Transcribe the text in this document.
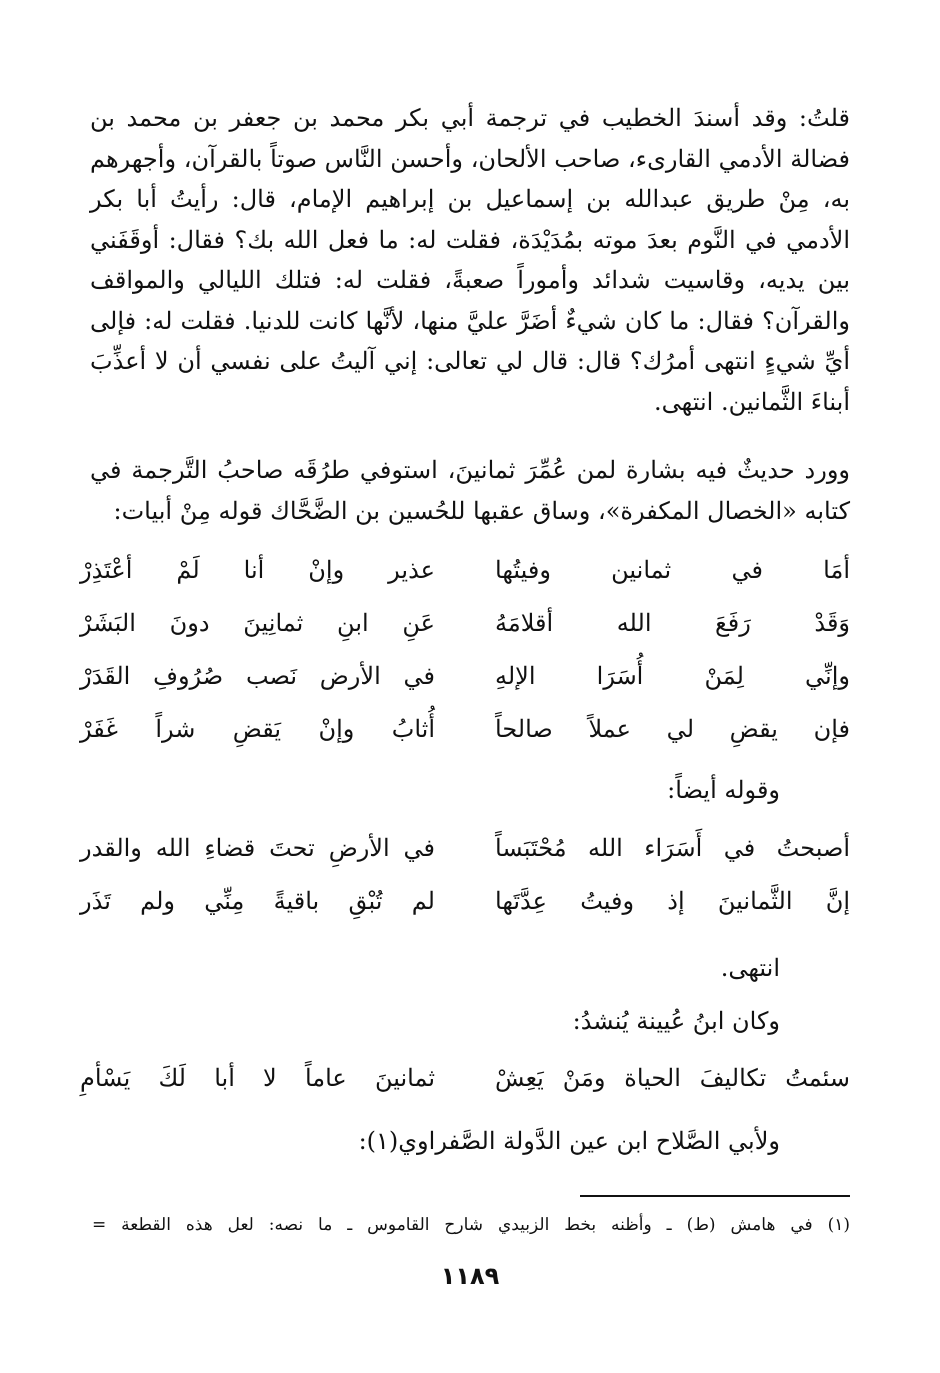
قلتُ: وقد أسندَ الخطيب في ترجمة أبي بكر محمد بن جعفر بن محمد بن فضالة الأدمي القارىء، صاحب الألحان، وأحسن النَّاس صوتاً بالقرآن، وأجهرهم به، مِنْ طريق عبدالله بن إسماعيل بن إبراهيم الإمام، قال: رأيتُ أبا بكر الأدمي في النَّوم بعدَ موته بمُدَيْدَة، فقلت له: ما فعل الله بك؟ فقال: أوقَفَني بين يديه، وقاسيت شدائد وأموراً صعبةً، فقلت له: فتلك الليالي والمواقف والقرآن؟ فقال: ما كان شيءٌ أضَرَّ عليَّ منها، لأنَّها كانت للدنيا. فقلت له: فإلى أيِّ شيءٍ انتهى أمرُك؟ قال: قال لي تعالى: إني آليتُ على نفسي أن لا أعذِّبَ أبناءَ الثَّمانين. انتهى.

وورد حديثٌ فيه بشارة لمن عُمِّرَ ثمانينَ، استوفي طرُقَه صاحبُ التَّرجمة في كتابه «الخصال المكفرة»، وساق عقبها للحُسين بن الضَّحَّاك قوله مِنْ أبيات:

أمَا في ثمانين وفيتُها
عذير وإنْ أنا لَمْ أعْتَذِرْ
وَقَدْ رَفَعَ الله أقلامَهُ
عَنِ ابنِ ثمانِينَ دونَ البَشَرْ
وإنِّي لِمَنْ أُسَرَا الإلهِ
في الأرض نَصب صُرُوفِ القَدَرْ
فإن يقضِ لي عملاً صالحاً
أُثابُ وإنْ يَقضِ شراً غَفَرْ
وقوله أيضاً:
أصبحتُ في أَسَرَاء الله مُحْتَبَساً
في الأرضِ تحتَ قضاءِ الله والقدر
إنَّ الثَّمانينَ إذ وفيتُ عِدَّتَها
لم تُبْقِ باقيةً مِنِّي ولم تَذَر
انتهى.
وكان ابنُ عُيينة يُنشدُ:
سئمتُ تكاليفَ الحياة ومَنْ يَعِشْ
ثمانينَ عاماً لا أبا لَكَ يَسْأمِ
ولأبي الصَّلاح ابن عين الدَّولة الصَّفراوي(١):
(١) في هامش (ط) ـ وأظنه بخط الزبيدي شارح القاموس ـ ما نصه: لعل هذه القطعة =
١١٨٩
